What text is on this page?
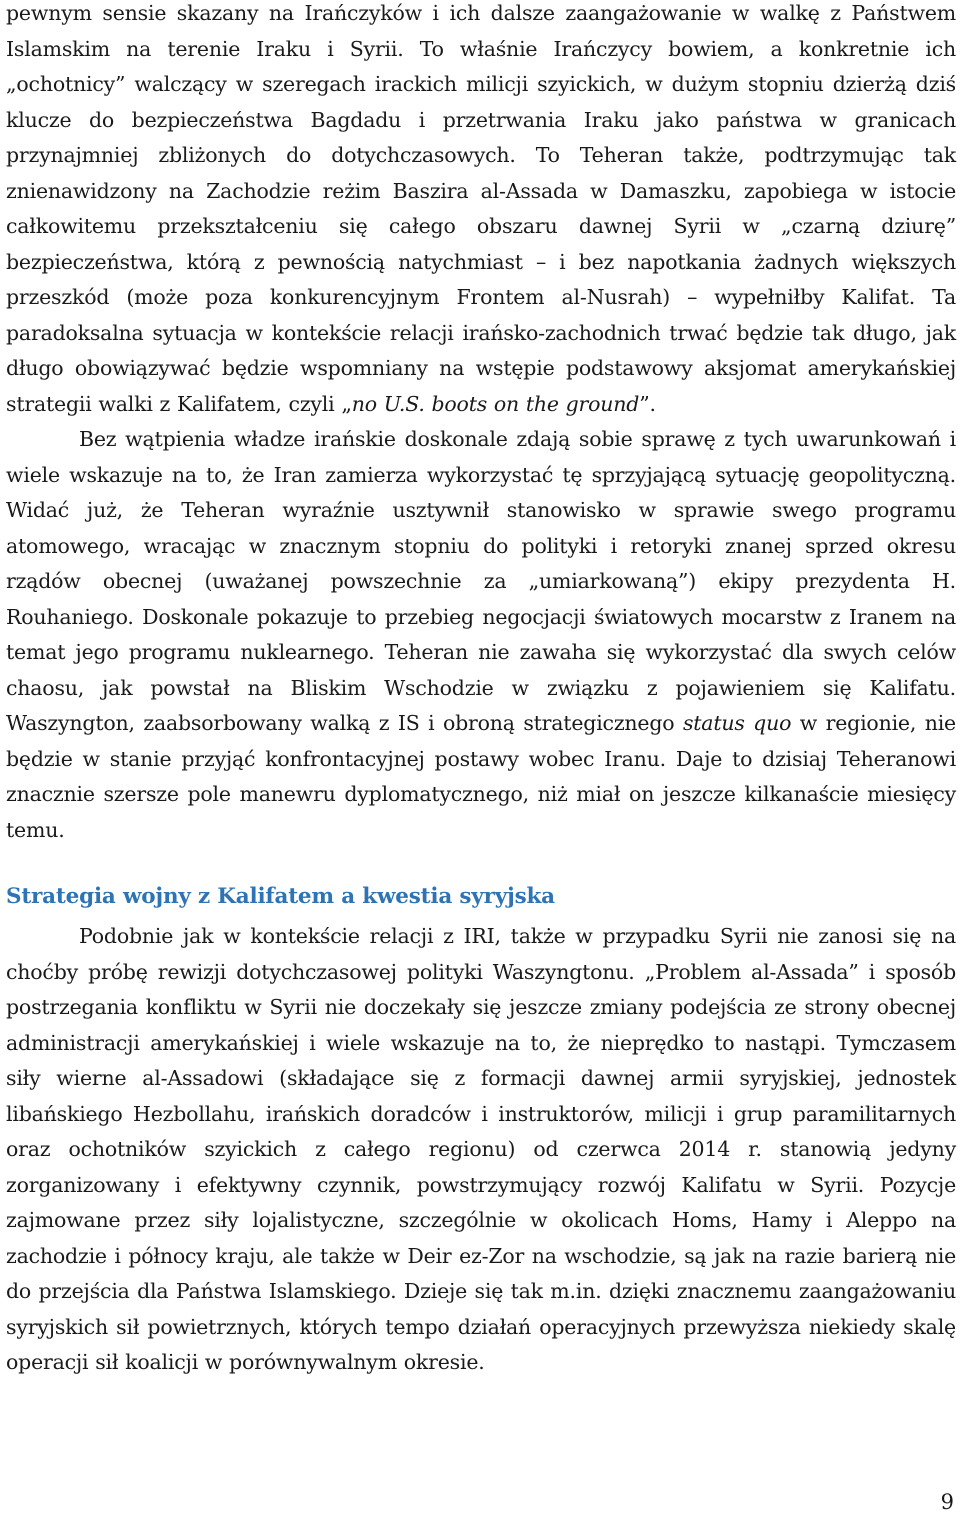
pewnym sensie skazany na Irańczyków i ich dalsze zaangażowanie w walkę z Państwem Islamskim na terenie Iraku i Syrii. To właśnie Irańczycy bowiem, a konkretnie ich „ochotnicy” walczący w szeregach irackich milicji szyickich, w dużym stopniu dzierżą dziś klucze do bezpieczeństwa Bagdadu i przetrwania Iraku jako państwa w granicach przynajmniej zbliżonych do dotychczasowych. To Teheran także, podtrzymując tak znienawidzony na Zachodzie reżim Baszira al-Assada w Damaszku, zapobiega w istocie całkowitemu przekształceniu się całego obszaru dawnej Syrii w „czarną dziurę” bezpieczeństwa, którą z pewnością natychmiast – i bez napotkania żadnych większych przeszkód (może poza konkurencyjnym Frontem al-Nusrah) – wypełniłby Kalifat. Ta paradoksalna sytuacja w kontekście relacji irańsko-zachodnich trwać będzie tak długo, jak długo obowiązywać będzie wspomniany na wstępie podstawowy aksjomat amerykańskiej strategii walki z Kalifatem, czyli „no U.S. boots on the ground”.

Bez wątpienia władze irańskie doskonale zdają sobie sprawę z tych uwarunkowań i wiele wskazuje na to, że Iran zamierza wykorzystać tę sprzyjającą sytuację geopolityczną. Widać już, że Teheran wyraźnie usztywnił stanowisko w sprawie swego programu atomowego, wracając w znacznym stopniu do polityki i retoryki znanej sprzed okresu rządów obecnej (uważanej powszechnie za „umiarkowaną”) ekipy prezydenta H. Rouhaniego. Doskonale pokazuje to przebieg negocjacji światowych mocarstw z Iranem na temat jego programu nuklearnego. Teheran nie zawaha się wykorzystać dla swych celów chaosu, jak powstał na Bliskim Wschodzie w związku z pojawieniem się Kalifatu. Waszyngton, zaabsorbowany walką z IS i obroną strategicznego status quo w regionie, nie będzie w stanie przyjąć konfrontacyjnej postawy wobec Iranu. Daje to dzisiaj Teheranowi znacznie szersze pole manewru dyplomatycznego, niż miał on jeszcze kilkanaście miesięcy temu.

Strategia wojny z Kalifatem a kwestia syryjska

Podobnie jak w kontekście relacji z IRI, także w przypadku Syrii nie zanosi się na choćby próbę rewizji dotychczasowej polityki Waszyngtonu. „Problem al-Assada” i sposób postrzegania konfliktu w Syrii nie doczekały się jeszcze zmiany podejścia ze strony obecnej administracji amerykańskiej i wiele wskazuje na to, że nieprędko to nastąpi. Tymczasem siły wierne al-Assadowi (składające się z formacji dawnej armii syryjskiej, jednostek libańskiego Hezbollahu, irańskich doradców i instruktorów, milicji i grup paramilitarnych oraz ochotników szyickich z całego regionu) od czerwca 2014 r. stanowią jedyny zorganizowany i efektywny czynnik, powstrzymujący rozwój Kalifatu w Syrii. Pozycje zajmowane przez siły lojalistyczne, szczególnie w okolicach Homs, Hamy i Aleppo na zachodzie i północy kraju, ale także w Deir ez-Zor na wschodzie, są jak na razie barierą nie do przejścia dla Państwa Islamskiego. Dzieje się tak m.in. dzięki znacznemu zaangażowaniu syryjskich sił powietrznych, których tempo działań operacyjnych przewyższa niekiedy skalę operacji sił koalicji w porównywalnym okresie.

9
